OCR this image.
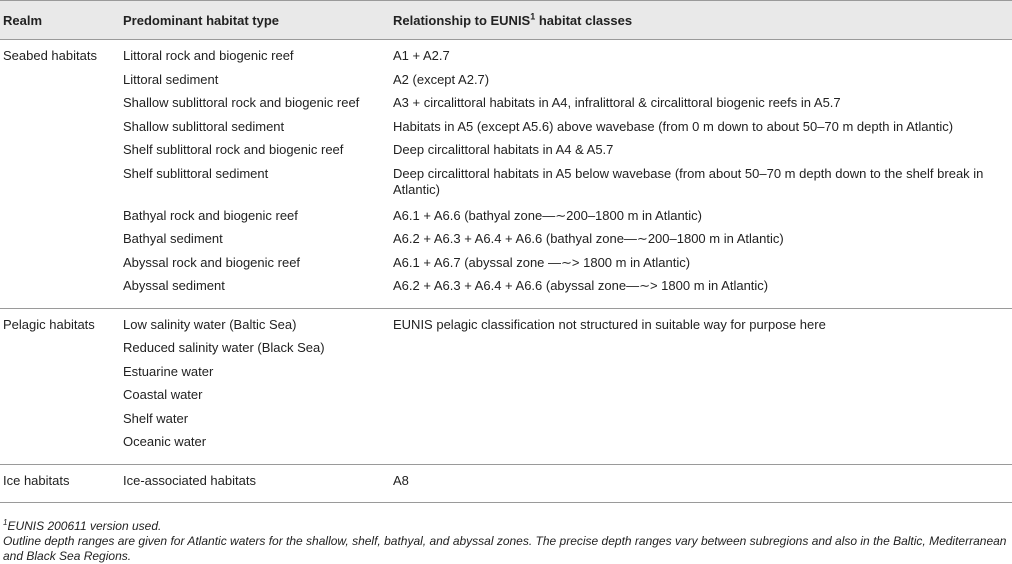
Realm	Predominant habitat type	Relationship to EUNIS$^1$ habitat classes
Seabed habitats	Littoral rock and biogenic reef	A1 + A2.7
	Littoral sediment	A2 (except A2.7)
	Shallow sublittoral rock and biogenic reef	A3 + circalittoral habitats in A4, infralittoral & circalittoral biogenic reefs in A5.7
	Shallow sublittoral sediment	Habitats in A5 (except A5.6) above wavebase (from 0 m down to about 50–70 m depth in Atlantic)
	Shelf sublittoral rock and biogenic reef	Deep circalittoral habitats in A4 & A5.7
	Shelf sublittoral sediment	Deep circalittoral habitats in A5 below wavebase (from about 50–70 m depth down to the shelf break in Atlantic)
	Bathyal rock and biogenic reef	A6.1 + A6.6 (bathyal zone—∼200–1800 m in Atlantic)
	Bathyal sediment	A6.2 + A6.3 + A6.4 + A6.6 (bathyal zone—∼200–1800 m in Atlantic)
	Abyssal rock and biogenic reef	A6.1 + A6.7 (abyssal zone —∼> 1800 m in Atlantic)
	Abyssal sediment	A6.2 + A6.3 + A6.4 + A6.6 (abyssal zone—∼> 1800 m in Atlantic)
Pelagic habitats	Low salinity water (Baltic Sea)	EUNIS pelagic classification not structured in suitable way for purpose here
	Reduced salinity water (Black Sea)	
	Estuarine water	
	Coastal water	
	Shelf water	
	Oceanic water	
Ice habitats	Ice-associated habitats	A8

$^1$EUNIS 200611 version used.

Outline depth ranges are given for Atlantic waters for the shallow, shelf, bathyal, and abyssal zones. The precise depth ranges vary between subregions and also in the Baltic, Mediterranean and Black Sea Regions.
